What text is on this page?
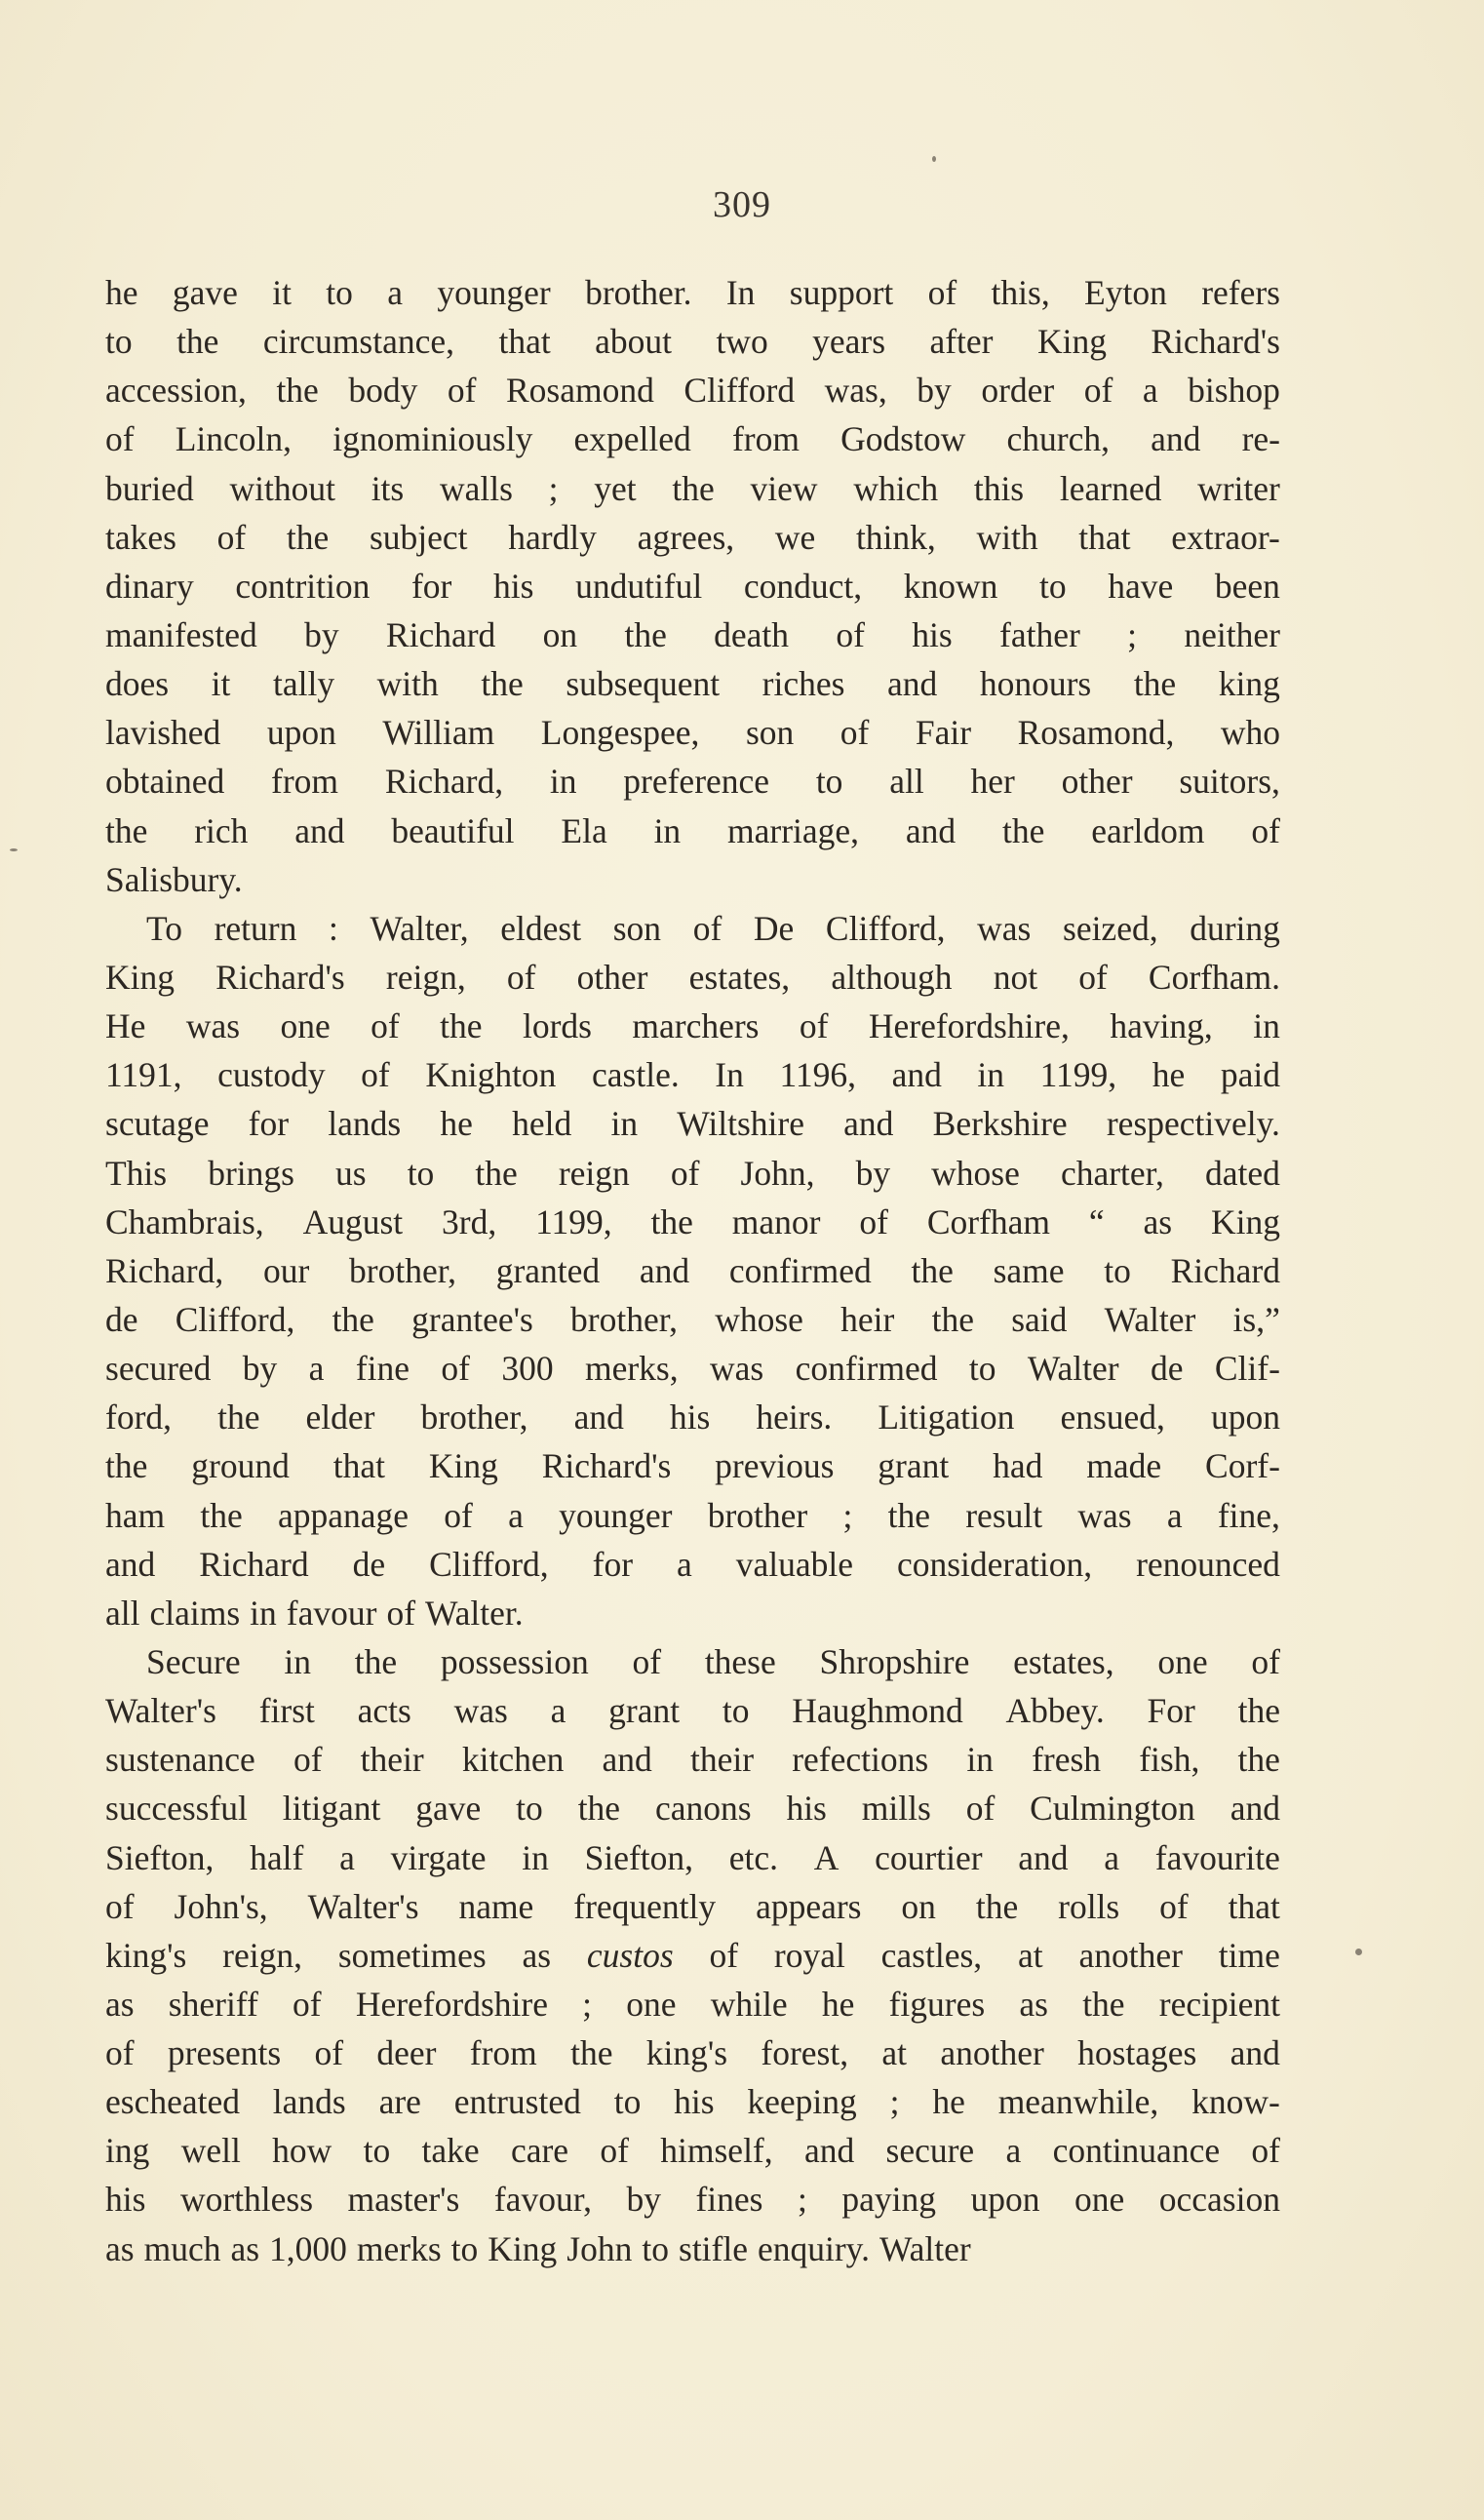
309
he gave it to a younger brother. In support of this, Eyton refers
to the circumstance, that about two years after King Richard's
accession, the body of Rosamond Clifford was, by order of a bishop
of Lincoln, ignominiously expelled from Godstow church, and re-
buried without its walls ; yet the view which this learned writer
takes of the subject hardly agrees, we think, with that extraor-
dinary contrition for his undutiful conduct, known to have been
manifested by Richard on the death of his father ; neither
does it tally with the subsequent riches and honours the king
lavished upon William Longespee, son of Fair Rosamond, who
obtained from Richard, in preference to all her other suitors,
the rich and beautiful Ela in marriage, and the earldom of
Salisbury.
To return : Walter, eldest son of De Clifford, was seized, during
King Richard's reign, of other estates, although not of Corfham.
He was one of the lords marchers of Herefordshire, having, in
1191, custody of Knighton castle. In 1196, and in 1199, he paid
scutage for lands he held in Wiltshire and Berkshire respectively.
This brings us to the reign of John, by whose charter, dated
Chambrais, August 3rd, 1199, the manor of Corfham “ as King
Richard, our brother, granted and confirmed the same to Richard
de Clifford, the grantee's brother, whose heir the said Walter is,”
secured by a fine of 300 merks, was confirmed to Walter de Clif-
ford, the elder brother, and his heirs. Litigation ensued, upon
the ground that King Richard's previous grant had made Corf-
ham the appanage of a younger brother ; the result was a fine,
and Richard de Clifford, for a valuable consideration, renounced
all claims in favour of Walter.
Secure in the possession of these Shropshire estates, one of
Walter's first acts was a grant to Haughmond Abbey. For the
sustenance of their kitchen and their refections in fresh fish, the
successful litigant gave to the canons his mills of Culmington and
Siefton, half a virgate in Siefton, etc. A courtier and a favourite
of John's, Walter's name frequently appears on the rolls of that
king's reign, sometimes as custos of royal castles, at another time
as sheriff of Herefordshire ; one while he figures as the recipient
of presents of deer from the king's forest, at another hostages and
escheated lands are entrusted to his keeping ; he meanwhile, know-
ing well how to take care of himself, and secure a continuance of
his worthless master's favour, by fines ; paying upon one occasion
as much as 1,000 merks to King John to stifle enquiry. Walter
